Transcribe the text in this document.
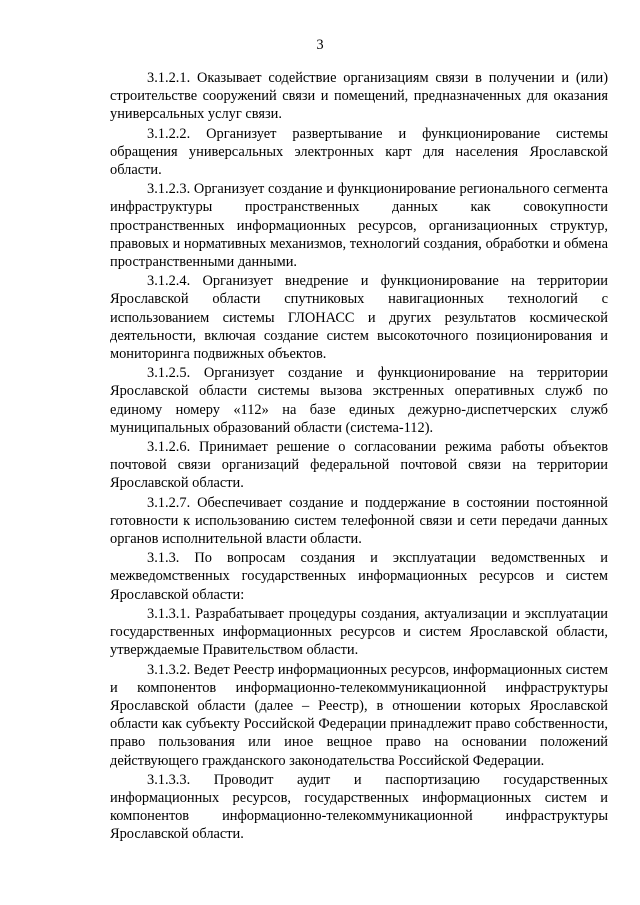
3

3.1.2.1. Оказывает содействие организациям связи в получении и (или) строительстве сооружений связи и помещений, предназначенных для оказания универсальных услуг связи.

3.1.2.2. Организует развертывание и функционирование системы обращения универсальных электронных карт для населения Ярославской области.

3.1.2.3. Организует создание и функционирование регионального сегмента инфраструктуры пространственных данных как совокупности пространственных информационных ресурсов, организационных структур, правовых и нормативных механизмов, технологий создания, обработки и обмена пространственными данными.

3.1.2.4. Организует внедрение и функционирование на территории Ярославской области спутниковых навигационных технологий с использованием системы ГЛОНАСС и других результатов космической деятельности, включая создание систем высокоточного позиционирования и мониторинга подвижных объектов.

3.1.2.5. Организует создание и функционирование на территории Ярославской области системы вызова экстренных оперативных служб по единому номеру «112» на базе единых дежурно-диспетчерских служб муниципальных образований области (система-112).

3.1.2.6. Принимает решение о согласовании режима работы объектов почтовой связи организаций федеральной почтовой связи на территории Ярославской области.

3.1.2.7. Обеспечивает создание и поддержание в состоянии постоянной готовности к использованию систем телефонной связи и сети передачи данных органов исполнительной власти области.

3.1.3. По вопросам создания и эксплуатации ведомственных и межведомственных государственных информационных ресурсов и систем Ярославской области:

3.1.3.1. Разрабатывает процедуры создания, актуализации и эксплуатации государственных информационных ресурсов и систем Ярославской области, утверждаемые Правительством области.

3.1.3.2. Ведет Реестр информационных ресурсов, информационных систем и компонентов информационно-телекоммуникационной инфраструктуры Ярославской области (далее – Реестр), в отношении которых Ярославской области как субъекту Российской Федерации принадлежит право собственности, право пользования или иное вещное право на основании положений действующего гражданского законодательства Российской Федерации.

3.1.3.3. Проводит аудит и паспортизацию государственных информационных ресурсов, государственных информационных систем и компонентов информационно-телекоммуникационной инфраструктуры Ярославской области.
